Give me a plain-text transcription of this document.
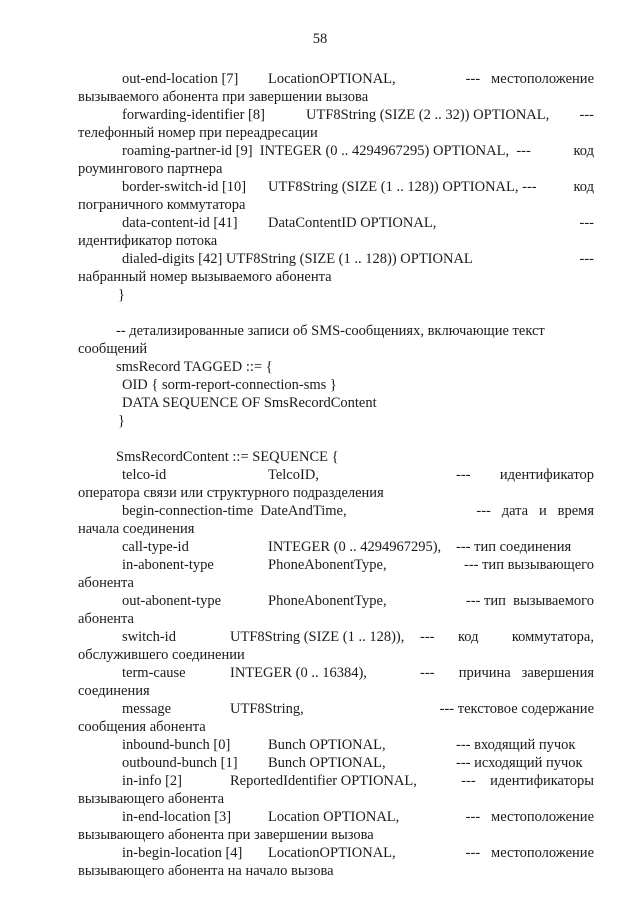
58
out-end-location [7] LocationOPTIONAL,	---   местоположение
вызываемого абонента при завершении вызова
forwarding-identifier [8]	UTF8String (SIZE (2 .. 32)) OPTIONAL, ---
телефонный номер при переадресации
roaming-partner-id [9]  INTEGER (0 .. 4294967295) OPTIONAL,  ---	код
роумингового партнера
border-switch-id [10] UTF8String (SIZE (1 .. 128)) OPTIONAL, ---	код
пограничного коммутатора
data-content-id [41] DataContentID OPTIONAL,	---
идентификатор потока
dialed-digits [42] UTF8String (SIZE (1 .. 128)) OPTIONAL	---
набранный номер вызываемого абонента
}
-- детализированные записи об SMS-сообщениях, включающие текст
сообщений
smsRecord TAGGED ::= {
OID { sorm-report-connection-sms }
DATA SEQUENCE OF SmsRecordContent
}
SmsRecordContent ::= SEQUENCE {
telco-id	TelcoID,	--- идентификатор
оператора связи или структурного подразделения
begin-connection-time  DateAndTime,	---   дата   и   время
начала соединения
call-type-id	INTEGER (0 .. 4294967295), --- тип соединения
in-abonent-type	PhoneAbonentType,	--- тип вызывающего
абонента
out-abonent-type	PhoneAbonentType,	--- тип  вызываемого
абонента
switch-id	UTF8String (SIZE (1 .. 128)), --- код коммутатора,
обслужившего соединении
term-cause	INTEGER (0 .. 16384),	--- причина   завершения
соединения
message	UTF8String,	--- текстовое содержание
сообщения абонента
inbound-bunch [0]	Bunch OPTIONAL,	--- входящий пучок
outbound-bunch [1] Bunch OPTIONAL,	--- исходящий пучок
in-info [2]	ReportedIdentifier OPTIONAL,	---    идентификаторы
вызывающего абонента
in-end-location [3]	Location OPTIONAL,	---   местоположение
вызывающего абонента при завершении вызова
in-begin-location [4] LocationOPTIONAL,	---   местоположение
вызывающего абонента на начало вызова
